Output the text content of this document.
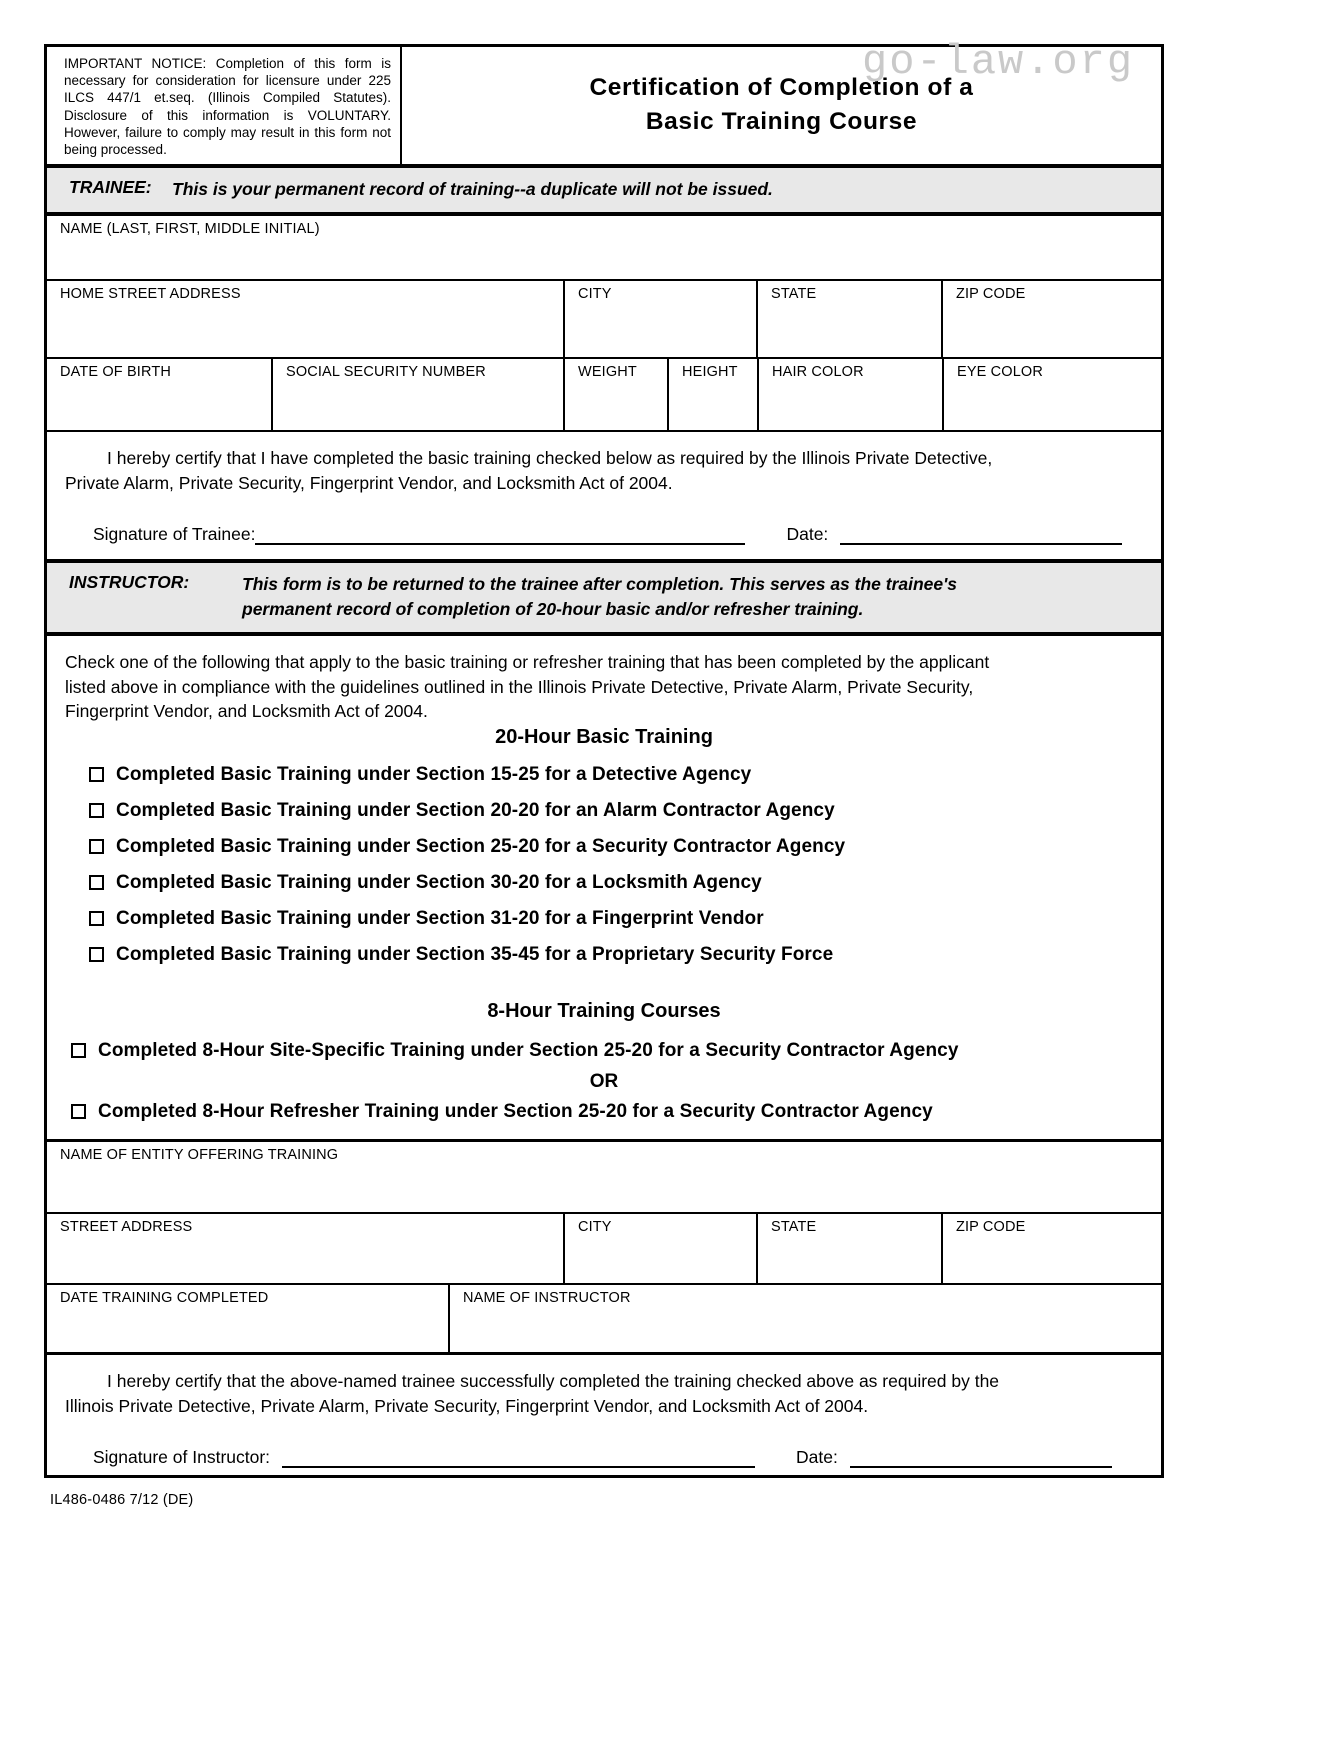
go-law.org
IMPORTANT NOTICE: Completion of this form is necessary for consideration for licensure under 225 ILCS 447/1 et.seq. (Illinois Compiled Statutes). Disclosure of this information is VOLUNTARY. However, failure to comply may result in this form not being processed.
Certification of Completion of a
Basic Training Course
TRAINEE:	This is your permanent record of training--a duplicate will not be issued.
NAME (LAST, FIRST, MIDDLE INITIAL)
HOME STREET ADDRESS	CITY	STATE	ZIP CODE
DATE OF BIRTH	SOCIAL SECURITY NUMBER	WEIGHT	HEIGHT	HAIR COLOR	EYE COLOR
I hereby certify that I have completed the basic training checked below as required by the Illinois Private Detective,
Private Alarm, Private Security, Fingerprint Vendor, and Locksmith Act of 2004.
Signature of Trainee:	Date:
INSTRUCTOR:	This form is to be returned to the trainee after completion. This serves as the trainee's
permanent record of completion of 20-hour basic and/or refresher training.
Check one of the following that apply to the basic training or refresher training that has been completed by the applicant
listed above in compliance with the guidelines outlined in the Illinois Private Detective, Private Alarm, Private Security,
Fingerprint Vendor, and Locksmith Act of 2004.
20-Hour Basic Training
Completed Basic Training under Section 15-25 for a Detective Agency
Completed Basic Training under Section 20-20 for an Alarm Contractor Agency
Completed Basic Training under Section 25-20 for a Security Contractor Agency
Completed Basic Training under Section 30-20 for a Locksmith Agency
Completed Basic Training under Section 31-20 for a Fingerprint Vendor
Completed Basic Training under Section 35-45 for a Proprietary Security Force
8-Hour Training Courses
Completed 8-Hour Site-Specific Training under Section 25-20 for a Security Contractor Agency
OR
Completed 8-Hour Refresher Training under Section 25-20 for a Security Contractor Agency
NAME OF ENTITY OFFERING TRAINING
STREET ADDRESS	CITY	STATE	ZIP CODE
DATE TRAINING COMPLETED	NAME OF INSTRUCTOR
I hereby certify that the above-named trainee successfully completed the training checked above as required by the
Illinois Private Detective, Private Alarm, Private Security, Fingerprint Vendor, and Locksmith Act of 2004.
Signature of Instructor:	Date:
IL486-0486 7/12 (DE)
